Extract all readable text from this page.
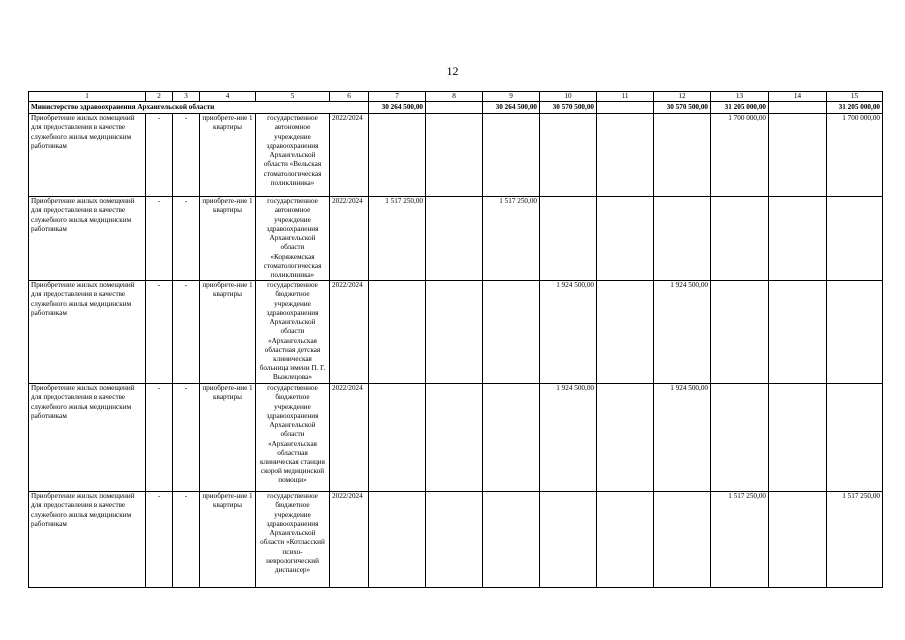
12
1	2	3	4	5	6	7	8	9	10	11	12	13	14	15
Министерство здравоохранения Архангельской области						30 264 500,00		30 264 500,00	30 570 500,00		30 570 500,00	31 205 000,00		31 205 000,00
Приобретение жилых помещений для предоставления в качестве служебного жилья медицинским работникам	-	-	приобрете-ние 1 квартиры	государственное автономное учреждение здравоохранения Архангельской области «Вельская стоматологическая поликлиника»	2022/2024							1 700 000,00		1 700 000,00
Приобретение жилых помещений для предоставления в качестве служебного жилья медицинским работникам	-	-	приобрете-ние 1 квартиры	государственное автономное учреждение здравоохранения Архангельской области «Коряжемская стоматологическая поликлиника»	2022/2024	1 517 250,00		1 517 250,00						
Приобретение жилых помещений для предоставления в качестве служебного жилья медицинским работникам	-	-	приобрете-ние 1 квартиры	государственное бюджетное учреждение здравоохранения Архангельской области «Архангельская областная детская клиническая больница имени П. Г. Выжлецова»	2022/2024				1 924 500,00		1 924 500,00			
Приобретение жилых помещений для предоставления в качестве служебного жилья медицинским работникам	-	-	приобрете-ние 1 квартиры	государственное бюджетное учреждение здравоохранения Архангельской области «Архангельская областная клиническая станция скорой медицинской помощи»	2022/2024				1 924 500,00		1 924 500,00			
Приобретение жилых помещений для предоставления в качестве служебного жилья медицинским работникам	-	-	приобрете-ние 1 квартиры	государственное бюджетное учреждение здравоохранения Архангельской области «Котласский психо-неврологический диспансер»	2022/2024							1 517 250,00		1 517 250,00
